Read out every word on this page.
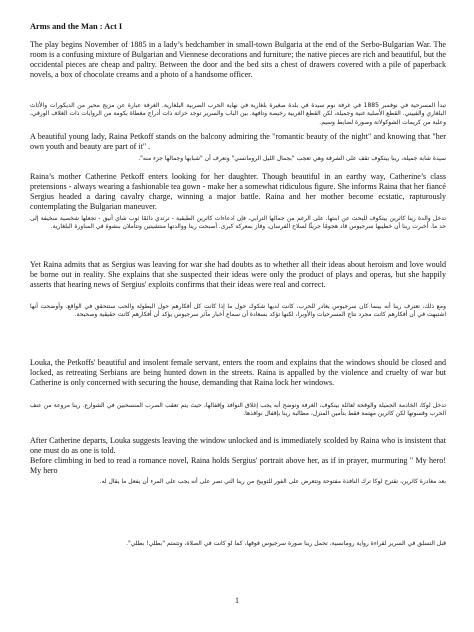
Arms and the Man : Act I

The play begins November of 1885 in a lady’s bedchamber in small-town Bulgaria at the end of the Serbo-Bulgarian War. The room is a confusing mixture of Bulgarian and Viennese decorations and furniture; the native pieces are rich and beautiful, but the occidental pieces are cheap and paltry. Between the door and the bed sits a chest of drawers covered with a pile of paperback novels, a box of chocolate creams and a photo of a handsome officer.

تبدأ المسرحية في نوفمبر 1885 في غرفة نوم سيدة في بلدة صغيرة بلغارية في نهاية الحرب الصربية البلغارية. الغرفة عبارة عن مزيج محير من الديكورات والأثاث البلغاري والفييني. القطع الأصلية غنية وجميلة، لكن القطع الغربية رخيصة وتافهة. بين الباب والسرير توجد خزانة ذات أدراج مغطاة بكومة من الروايات ذات الغلاف الورقي، وعلبة من كريمات الشوكولاتة وصورة لضابط وسيم.

A beautiful young lady, Raina Petkoff stands on the balcony admiring the "romantic beauty of the night" and knowing that "her own youth and beauty are part of it" .

سيدة شابة جميلة، رينا بيتكوف تقف على الشرفة وهي تعجب "بجمال الليل الرومانسي" وتعرف أن "شبابها وجمالها جزء منه".

Raina’s mother Catherine Petkoff enters looking for her daughter. Though beautiful in an earthy way, Catherine’s class pretensions - always wearing a fashionable tea gown - make her a somewhat ridiculous figure. She informs Raina that her fiancé Sergius headed a daring cavalry charge, winning a major battle. Raina and her mother become ecstatic, rapturously contemplating the Bulgarian maneuver.

تدخل والدة رينا كاثرين بيتكوف للبحث عن ابنتها. على الرغم من جمالها الترابي، فإن ادعاءات كاثرين الطبقية - ترتدي دائمًا ثوب شاي أنيق - تجعلها شخصية سخيفة إلى حد ما. أخبرت رينا أن خطيبها سرجيوس قاد هجومًا جريئًا لسلاح الفرسان، وفاز بمعركة كبرى. أصبحت رينا ووالدتها منتشيتين وتتأملان بنشوة في المناورة البلغارية.

Yet Raina admits that as Sergius was leaving for war she had doubts as to whether all their ideas about heroism and love would be borne out in reality. She explains that she suspected their ideas were only the product of plays and operas, but she happily asserts that hearing news of Sergius' exploits confirms that their ideas were real and correct.

ومع ذلك، تعترف رينا أنه بينما كان سرجيوس يغادر للحرب، كانت لديها شكوك حول ما إذا كانت كل أفكارهم حول البطولة والحب ستتحقق في الواقع. وأوضحت أنها اشتبهت في أن أفكارهم كانت مجرد نتاج المسرحيات والأوبرا، لكنها تؤكد بسعادة أن سماع أخبار مآثر سرجيوس يؤكد أن أفكارهم كانت حقيقية وصحيحة.

Louka, the Petkoffs' beautiful and insolent female servant, enters the room and explains that the windows should be closed and locked, as retreating Serbians are being hunted down in the streets. Raina is appalled by the violence and cruelty of war but Catherine is only concerned with securing the house, demanding that Raina lock her windows.

تدخل لوكا، الخادمة الجميلة والوقحة لعائلة بيتكوف، الغرفة وتوضح أنه يجب إغلاق النوافذ وإقفالها، حيث يتم تعقب الصرب المنسحبين في الشوارع. رينا مروعة من عنف الحرب وقسوتها لكن كاثرين مهتمة فقط بتأمين المنزل، مطالبة رينا بإقفال نوافذها.

After Catherine departs, Louka suggests leaving the window unlocked and is immediately scolded by Raina who is insistent that one must do as one is told.

Before climbing in bed to read a romance novel, Raina holds Sergius' portrait above her, as if in prayer, murmuring " My hero! My hero

بعد مغادرة كاثرين، تقترح لوكا ترك النافذة مفتوحة وتتعرض على الفور للتوبيخ من رينا التي تصر على أنه يجب على المرء أن يفعل ما يقال له.

قبل التسلق في السرير لقراءة رواية رومانسية، تحمل رينا صورة سرجيوس فوقها، كما لو كانت في الصلاة، وتتمتم "بطلي! بطلي".

1
